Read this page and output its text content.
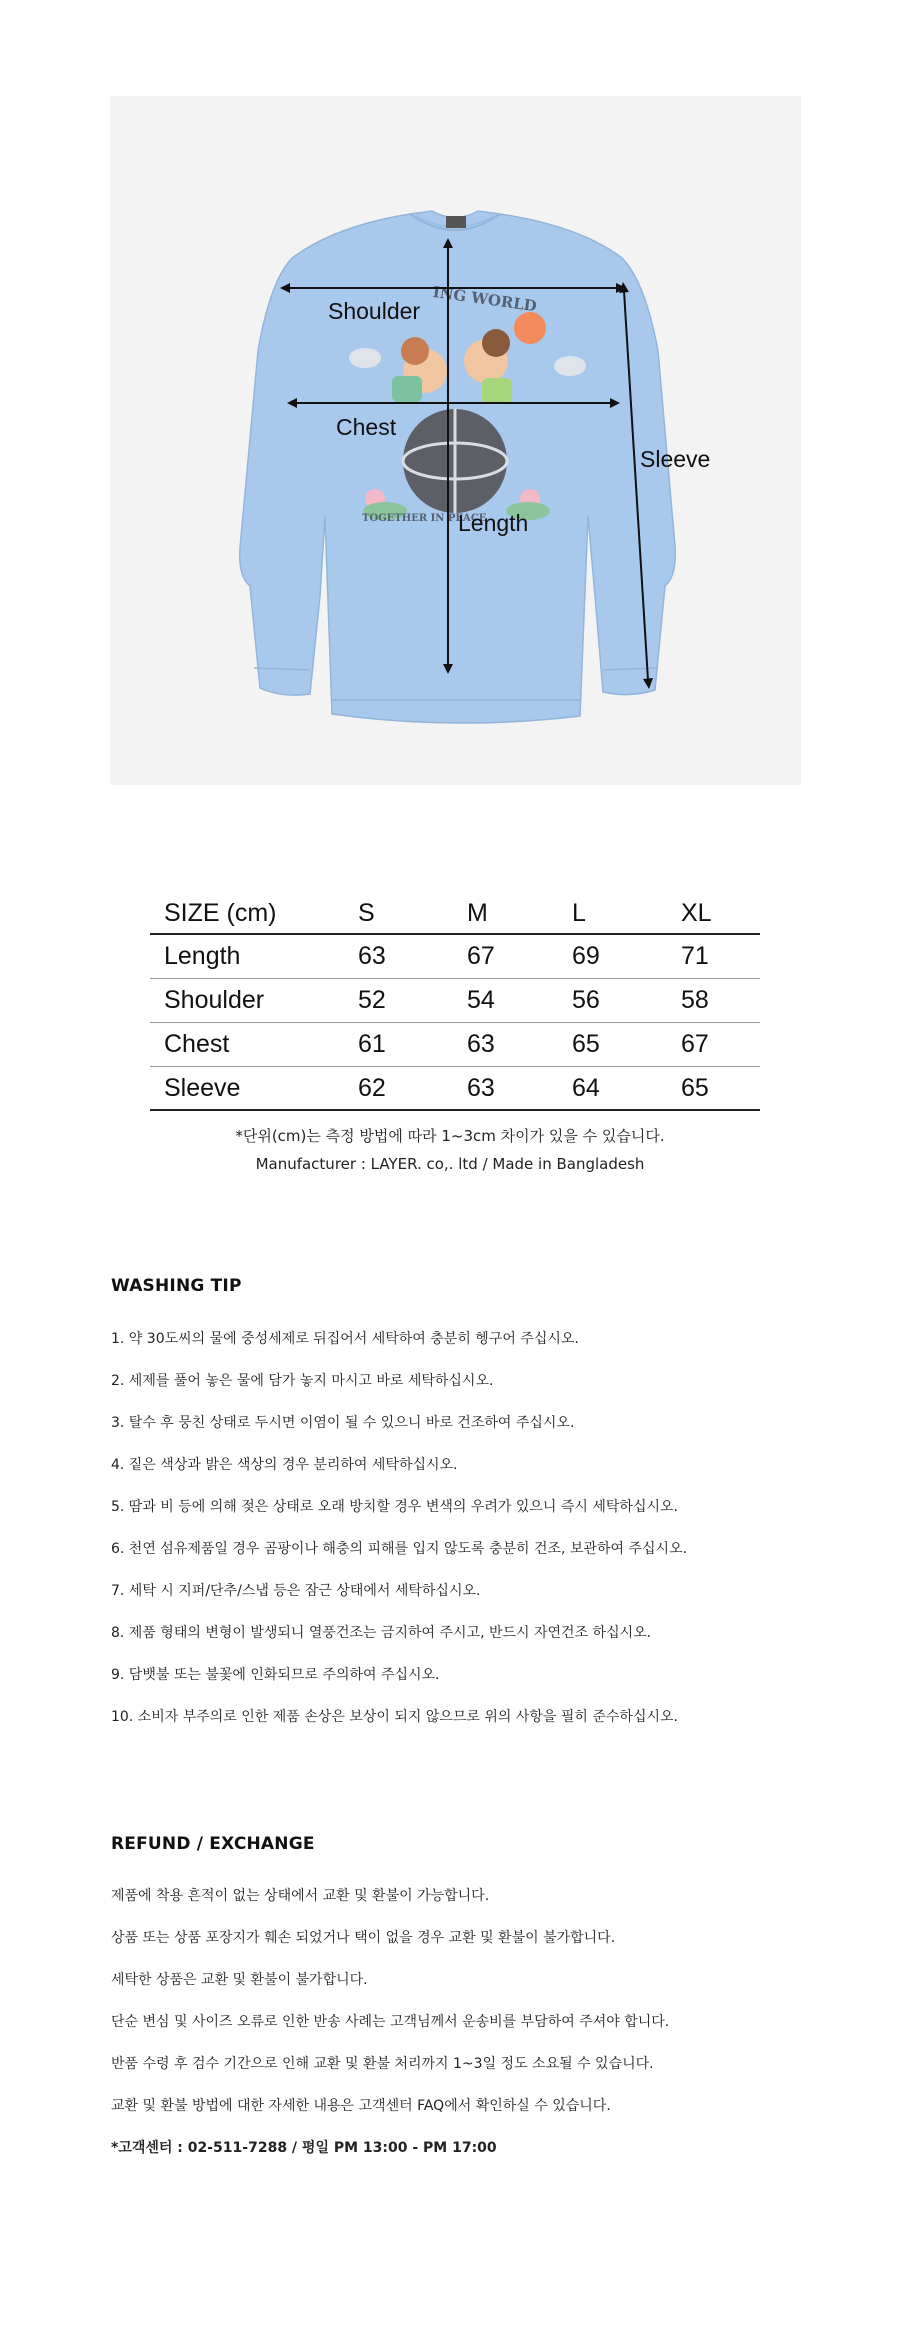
ING WORLD
TOGETHER IN PEACE
Shoulder
Chest
Length
Sleeve
SIZE (cm)	S	M	L	XL
Length	63	67	69	71
Shoulder	52	54	56	58
Chest	61	63	65	67
Sleeve	62	63	64	65
*단위(cm)는 측정 방법에 따라 1~3cm 차이가 있을 수 있습니다.
Manufacturer : LAYER. co,. ltd / Made in Bangladesh
WASHING TIP
1. 약 30도씨의 물에 중성세제로 뒤집어서 세탁하여 충분히 헹구어 주십시오.
2. 세제를 풀어 놓은 물에 담가 놓지 마시고 바로 세탁하십시오.
3. 탈수 후 뭉친 상태로 두시면 이염이 될 수 있으니 바로 건조하여 주십시오.
4. 짙은 색상과 밝은 색상의 경우 분리하여 세탁하십시오.
5. 땀과 비 등에 의해 젖은 상태로 오래 방치할 경우 변색의 우려가 있으니 즉시 세탁하십시오.
6. 천연 섬유제품일 경우 곰팡이나 해충의 피해를 입지 않도록 충분히 건조, 보관하여 주십시오.
7. 세탁 시 지퍼/단추/스냅 등은 잠근 상태에서 세탁하십시오.
8. 제품 형태의 변형이 발생되니 열풍건조는 금지하여 주시고, 반드시 자연건조 하십시오.
9. 담뱃불 또는 불꽃에 인화되므로 주의하여 주십시오.
10. 소비자 부주의로 인한 제품 손상은 보상이 되지 않으므로 위의 사항을 필히 준수하십시오.
REFUND / EXCHANGE
제품에 착용 흔적이 없는 상태에서 교환 및 환불이 가능합니다.
상품 또는 상품 포장지가 훼손 되었거나 택이 없을 경우 교환 및 환불이 불가합니다.
세탁한 상품은 교환 및 환불이 불가합니다.
단순 변심 및 사이즈 오류로 인한 반송 사례는 고객님께서 운송비를 부담하여 주셔야 합니다.
반품 수령 후 검수 기간으로 인해 교환 및 환불 처리까지 1~3일 정도 소요될 수 있습니다.
교환 및 환불 방법에 대한 자세한 내용은 고객센터 FAQ에서 확인하실 수 있습니다.
*고객센터 : 02-511-7288 / 평일 PM 13:00 - PM 17:00
